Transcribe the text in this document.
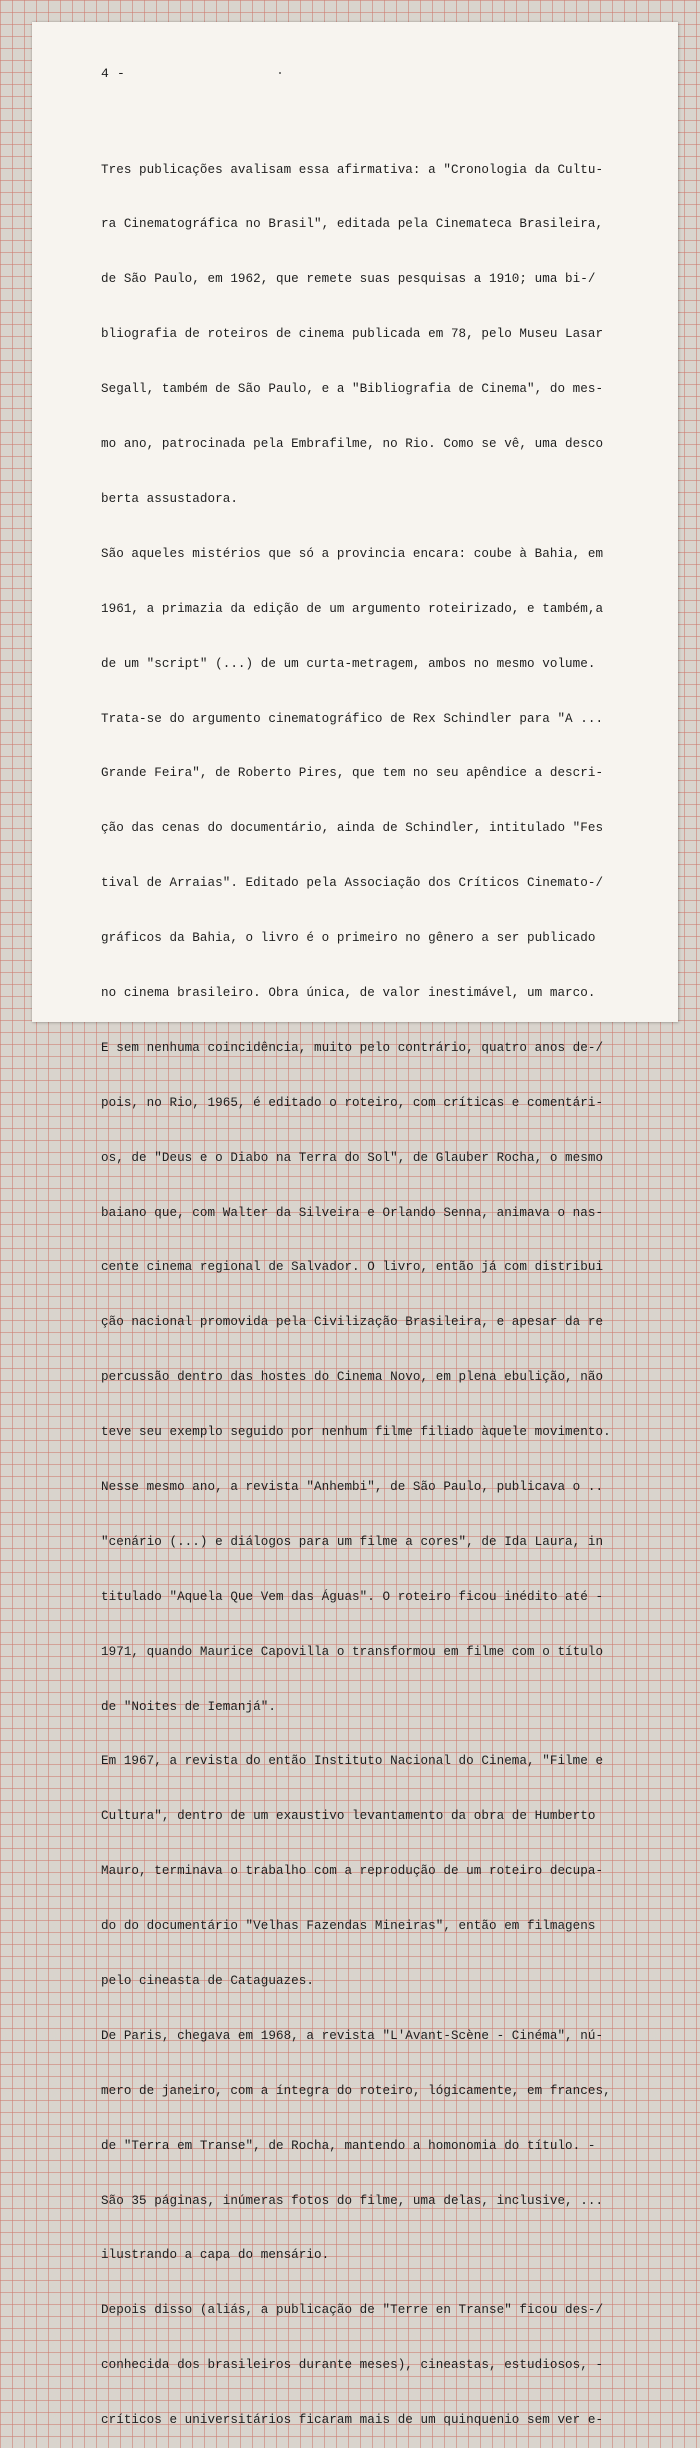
4 -

Tres publicações avalisam essa afirmativa: a "Cronologia da Cultu-

ra Cinematográfica no Brasil", editada pela Cinemateca Brasileira,

de São Paulo, em 1962, que remete suas pesquisas a 1910; uma bi-/

bliografia de roteiros de cinema publicada em 78, pelo Museu Lasar

Segall, também de São Paulo, e a "Bibliografia de Cinema", do mes-

mo ano, patrocinada pela Embrafilme, no Rio. Como se vê, uma desco

berta assustadora.

São aqueles mistérios que só a provincia encara: coube à Bahia, em

1961, a primazia da edição de um argumento roteirizado, e também,a

de um "script" (...) de um curta-metragem, ambos no mesmo volume.

Trata-se do argumento cinematográfico de Rex Schindler para "A ...

Grande Feira", de Roberto Pires, que tem no seu apêndice a descri-

ção das cenas do documentário, ainda de Schindler, intitulado "Fes

tival de Arraias". Editado pela Associação dos Críticos Cinemato-/

gráficos da Bahia, o livro é o primeiro no gênero a ser publicado

no cinema brasileiro. Obra única, de valor inestimável, um marco.

E sem nenhuma coincidência, muito pelo contrário, quatro anos de-/

pois, no Rio, 1965, é editado o roteiro, com críticas e comentári-

os, de "Deus e o Diabo na Terra do Sol", de Glauber Rocha, o mesmo

baiano que, com Walter da Silveira e Orlando Senna, animava o nas-

cente cinema regional de Salvador. O livro, então já com distribui

ção nacional promovida pela Civilização Brasileira, e apesar da re

percussão dentro das hostes do Cinema Novo, em plena ebulição, não

teve seu exemplo seguido por nenhum filme filiado àquele movimento.

Nesse mesmo ano, a revista "Anhembi", de São Paulo, publicava o ..

"cenário (...) e diálogos para um filme a cores", de Ida Laura, in

titulado "Aquela Que Vem das Águas". O roteiro ficou inédito até -

1971, quando Maurice Capovilla o transformou em filme com o título

de "Noites de Iemanjá".

Em 1967, a revista do então Instituto Nacional do Cinema, "Filme e

Cultura", dentro de um exaustivo levantamento da obra de Humberto

Mauro, terminava o trabalho com a reprodução de um roteiro decupa-

do do documentário "Velhas Fazendas Mineiras", então em filmagens

pelo cineasta de Cataguazes.

De Paris, chegava em 1968, a revista "L'Avant-Scène - Cinéma", nú-

mero de janeiro, com a íntegra do roteiro, lógicamente, em frances,

de "Terra em Transe", de Rocha, mantendo a homonomia do título. -

São 35 páginas, inúmeras fotos do filme, uma delas, inclusive, ...

ilustrando a capa do mensário.

Depois disso (aliás, a publicação de "Terre en Transe" ficou des-/

conhecida dos brasileiros durante meses), cineastas, estudiosos, -

críticos e universitários ficaram mais de um quinquenio sem ver e-
